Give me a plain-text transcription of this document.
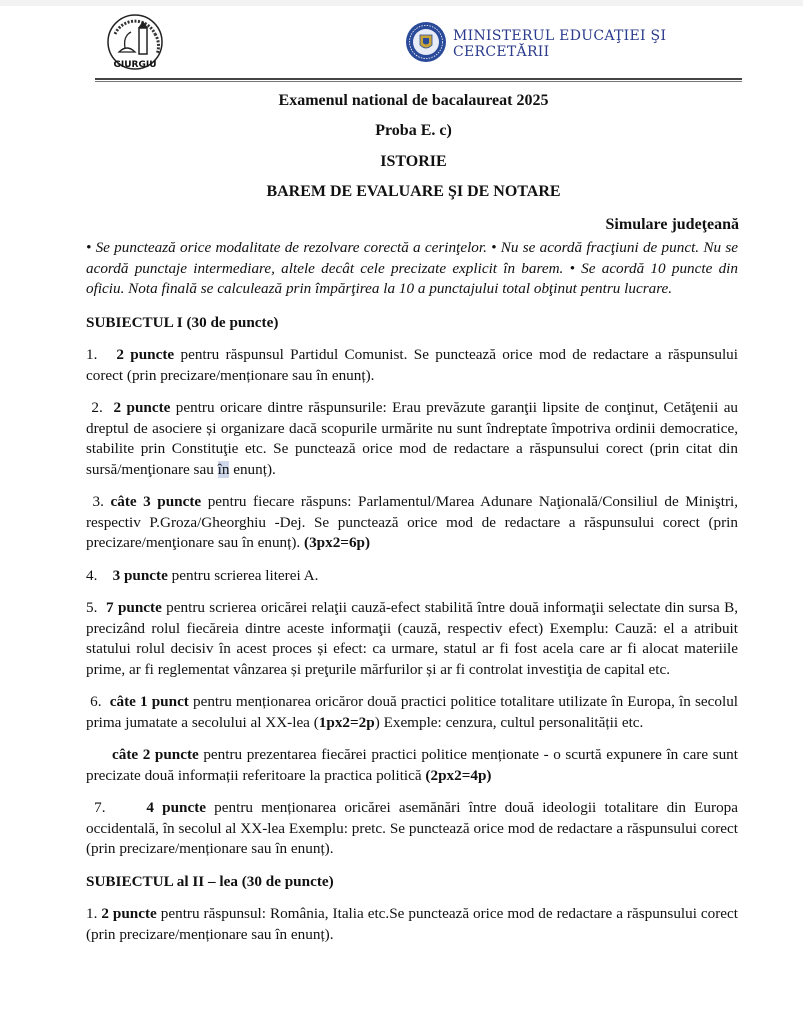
GIURGIU
MINISTERUL EDUCAŢIEI ŞI CERCETĂRII
Examenul national de bacalaureat 2025
Proba E. c)
ISTORIE
BAREM DE EVALUARE ŞI DE NOTARE
Simulare judeţeană

• Se punctează orice modalitate de rezolvare corectă a cerinţelor. • Nu se acordă fracţiuni de punct. Nu se acordă punctaje intermediare, altele decât cele precizate explicit în barem. • Se acordă 10 puncte din oficiu. Nota finală se calculează prin împărţirea la 10 a punctajului total obţinut pentru lucrare.

SUBIECTUL I (30 de puncte)

1. 2 puncte pentru răspunsul Partidul Comunist. Se punctează orice mod de redactare a răspunsului corect (prin precizare/menționare sau în enunț).

2. 2 puncte pentru oricare dintre răspunsurile: Erau prevăzute garanţii lipsite de conţinut, Cetăţenii au dreptul de asociere și organizare dacă scopurile urmărite nu sunt îndreptate împotriva ordinii democratice, stabilite prin Constituţie etc. Se punctează orice mod de redactare a răspunsului corect (prin citat din sursă/menţionare sau în enunț).

3. câte 3 puncte pentru fiecare răspuns: Parlamentul/Marea Adunare Naţională/Consiliul de Miniştri, respectiv P.Groza/Gheorghiu -Dej. Se punctează orice mod de redactare a răspunsului corect (prin precizare/menţionare sau în enunț). (3px2=6p)

4. 3 puncte pentru scrierea literei A.

5. 7 puncte pentru scrierea oricărei relaţii cauză-efect stabilită între două informaţii selectate din sursa B, precizând rolul fiecăreia dintre aceste informaţii (cauză, respectiv efect) Exemplu: Cauză: el a atribuit statului rolul decisiv în acest proces și efect: ca urmare, statul ar fi fost acela care ar fi alocat materiile prime, ar fi reglementat vânzarea și preţurile mărfurilor și ar fi controlat investiţia de capital etc.

6. câte 1 punct pentru menționarea oricăror două practici politice totalitare utilizate în Europa, în secolul prima jumatate a secolului al XX-lea (1px2=2p) Exemple: cenzura, cultul personalității etc.

câte 2 puncte pentru prezentarea fiecărei practici politice menționate - o scurtă expunere în care sunt precizate două informații referitoare la practica politică (2px2=4p)

7.	4 puncte pentru menționarea oricărei asemănări între două ideologii totalitare din Europa occidentală, în secolul al XX-lea Exemplu: pretc. Se punctează orice mod de redactare a răspunsului corect (prin precizare/menționare sau în enunț).

SUBIECTUL al II – lea (30 de puncte)

1. 2 puncte pentru răspunsul: România, Italia etc.Se punctează orice mod de redactare a răspunsului corect (prin precizare/menționare sau în enunț).
